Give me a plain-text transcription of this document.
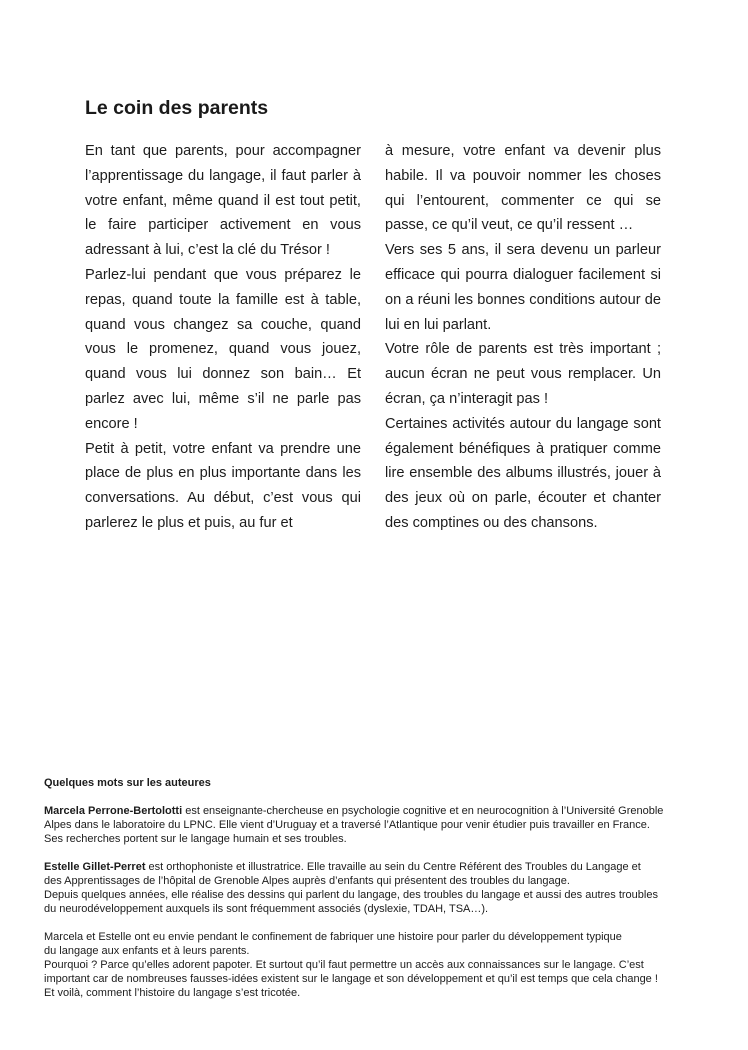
Le coin des parents

En tant que parents, pour accompagner l’apprentissage du langage, il faut parler à votre enfant, même quand il est tout petit, le faire participer activement en vous adressant à lui, c’est la clé du Trésor !

Parlez-lui pendant que vous préparez le repas, quand toute la famille est à table, quand vous changez sa couche, quand vous le promenez, quand vous jouez, quand vous lui donnez son bain… Et parlez avec lui, même s’il ne parle pas encore !

Petit à petit, votre enfant va prendre une place de plus en plus importante dans les conversations. Au début, c’est vous qui parlerez le plus et puis, au fur et

à mesure, votre enfant va devenir plus habile. Il va pouvoir nommer les choses qui l’entourent, commenter ce qui se passe, ce qu’il veut, ce qu’il ressent …

Vers ses 5 ans, il sera devenu un parleur efficace qui pourra dialoguer facilement si on a réuni les bonnes conditions autour de lui en lui parlant.

Votre rôle de parents est très important ; aucun écran ne peut vous remplacer. Un écran, ça n’interagit pas !

Certaines activités autour du langage sont également bénéfiques à pratiquer comme lire ensemble des albums illustrés, jouer à des jeux où on parle, écouter et chanter des comptines ou des chansons.

Quelques mots sur les auteures

Marcela Perrone-Bertolotti est enseignante-chercheuse en psychologie cognitive et en neurocognition à l’Université Grenoble

Alpes dans le laboratoire du LPNC. Elle vient d’Uruguay et a traversé l’Atlantique pour venir étudier puis travailler en France.

Ses recherches portent sur le langage humain et ses troubles.

Estelle Gillet-Perret est orthophoniste et illustratrice. Elle travaille au sein du Centre Référent des Troubles du Langage et

des Apprentissages de l’hôpital de Grenoble Alpes auprès d’enfants qui présentent des troubles du langage.

Depuis quelques années, elle réalise des dessins qui parlent du langage, des troubles du langage et aussi des autres troubles

du neurodéveloppement auxquels ils sont fréquemment associés (dyslexie, TDAH, TSA…).

Marcela et Estelle ont eu envie pendant le confinement de fabriquer une histoire pour parler du développement typique

du langage aux enfants et à leurs parents.

Pourquoi ? Parce qu’elles adorent papoter. Et surtout qu’il faut permettre un accès aux connaissances sur le langage. C’est

important car de nombreuses fausses-idées existent sur le langage et son développement et qu’il est temps que cela change !

Et voilà, comment l’histoire du langage s’est tricotée.
